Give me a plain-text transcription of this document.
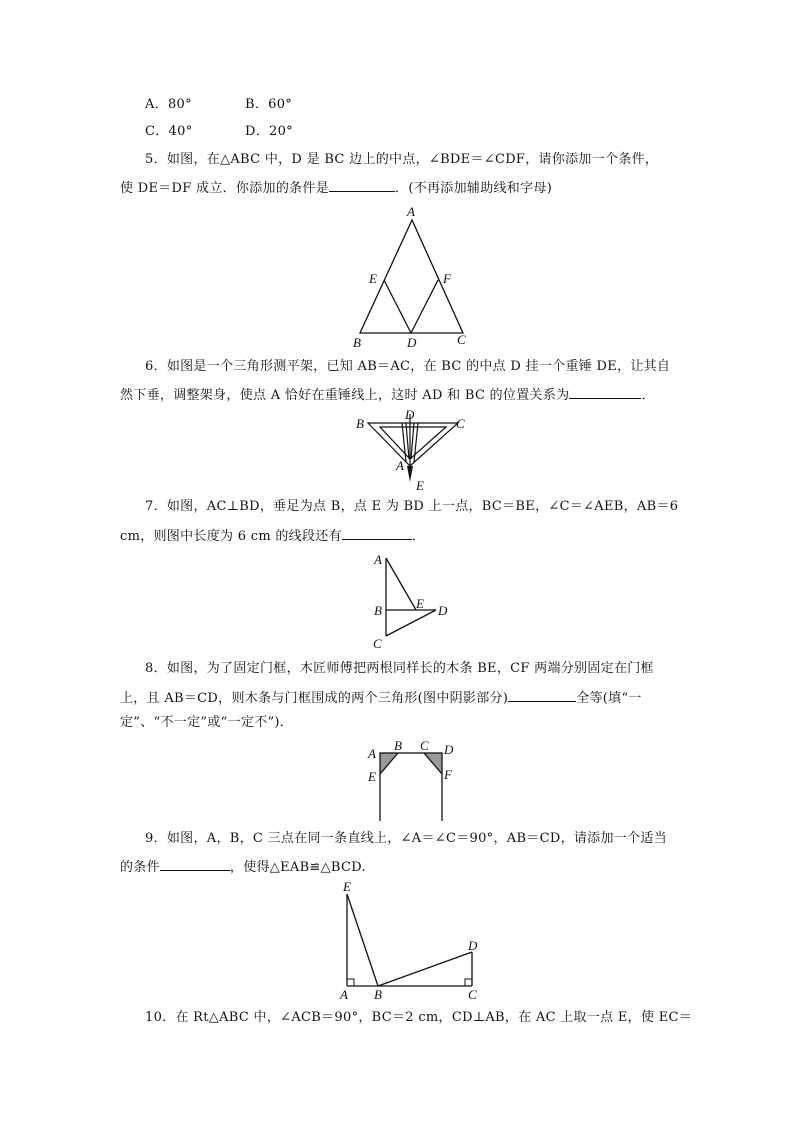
A．80°	B．60°
C．40°	D．20°
5．如图，在△ABC 中，D 是 BC 边上的中点，∠BDE＝∠CDF，请你添加一个条件，
使 DE＝DF 成立．你添加的条件是	．(不再添加辅助线和字母)
A
B	D	C
E	F
6．如图是一个三角形测平架，已知 AB＝AC，在 BC 的中点 D 挂一个重锤 DE，让其自
然下垂，调整架身，使点 A 恰好在重锤线上，这时 AD 和 BC 的位置关系为	．
D
B	C
A
E
7．如图，AC⊥BD，垂足为点 B，点 E 为 BD 上一点，BC＝BE，∠C＝∠AEB，AB＝6
cm，则图中长度为 6 cm 的线段还有	．
A
B
C
E D
8．如图，为了固定门框，木匠师傅把两根同样长的木条 BE，CF 两端分别固定在门框
上，且 AB＝CD，则木条与门框围成的两个三角形(图中阴影部分)	全等(填“一
定”、“不一定”或“一定不”)．
A
B C D
E	F
9．如图，A，B，C 三点在同一条直线上，∠A＝∠C＝90°，AB＝CD，请添加一个适当
的条件	，使得△EAB≌△BCD.
E
A B
D
C
10．在 Rt△ABC 中，∠ACB＝90°，BC＝2 cm，CD⊥AB，在 AC 上取一点 E，使 EC＝
